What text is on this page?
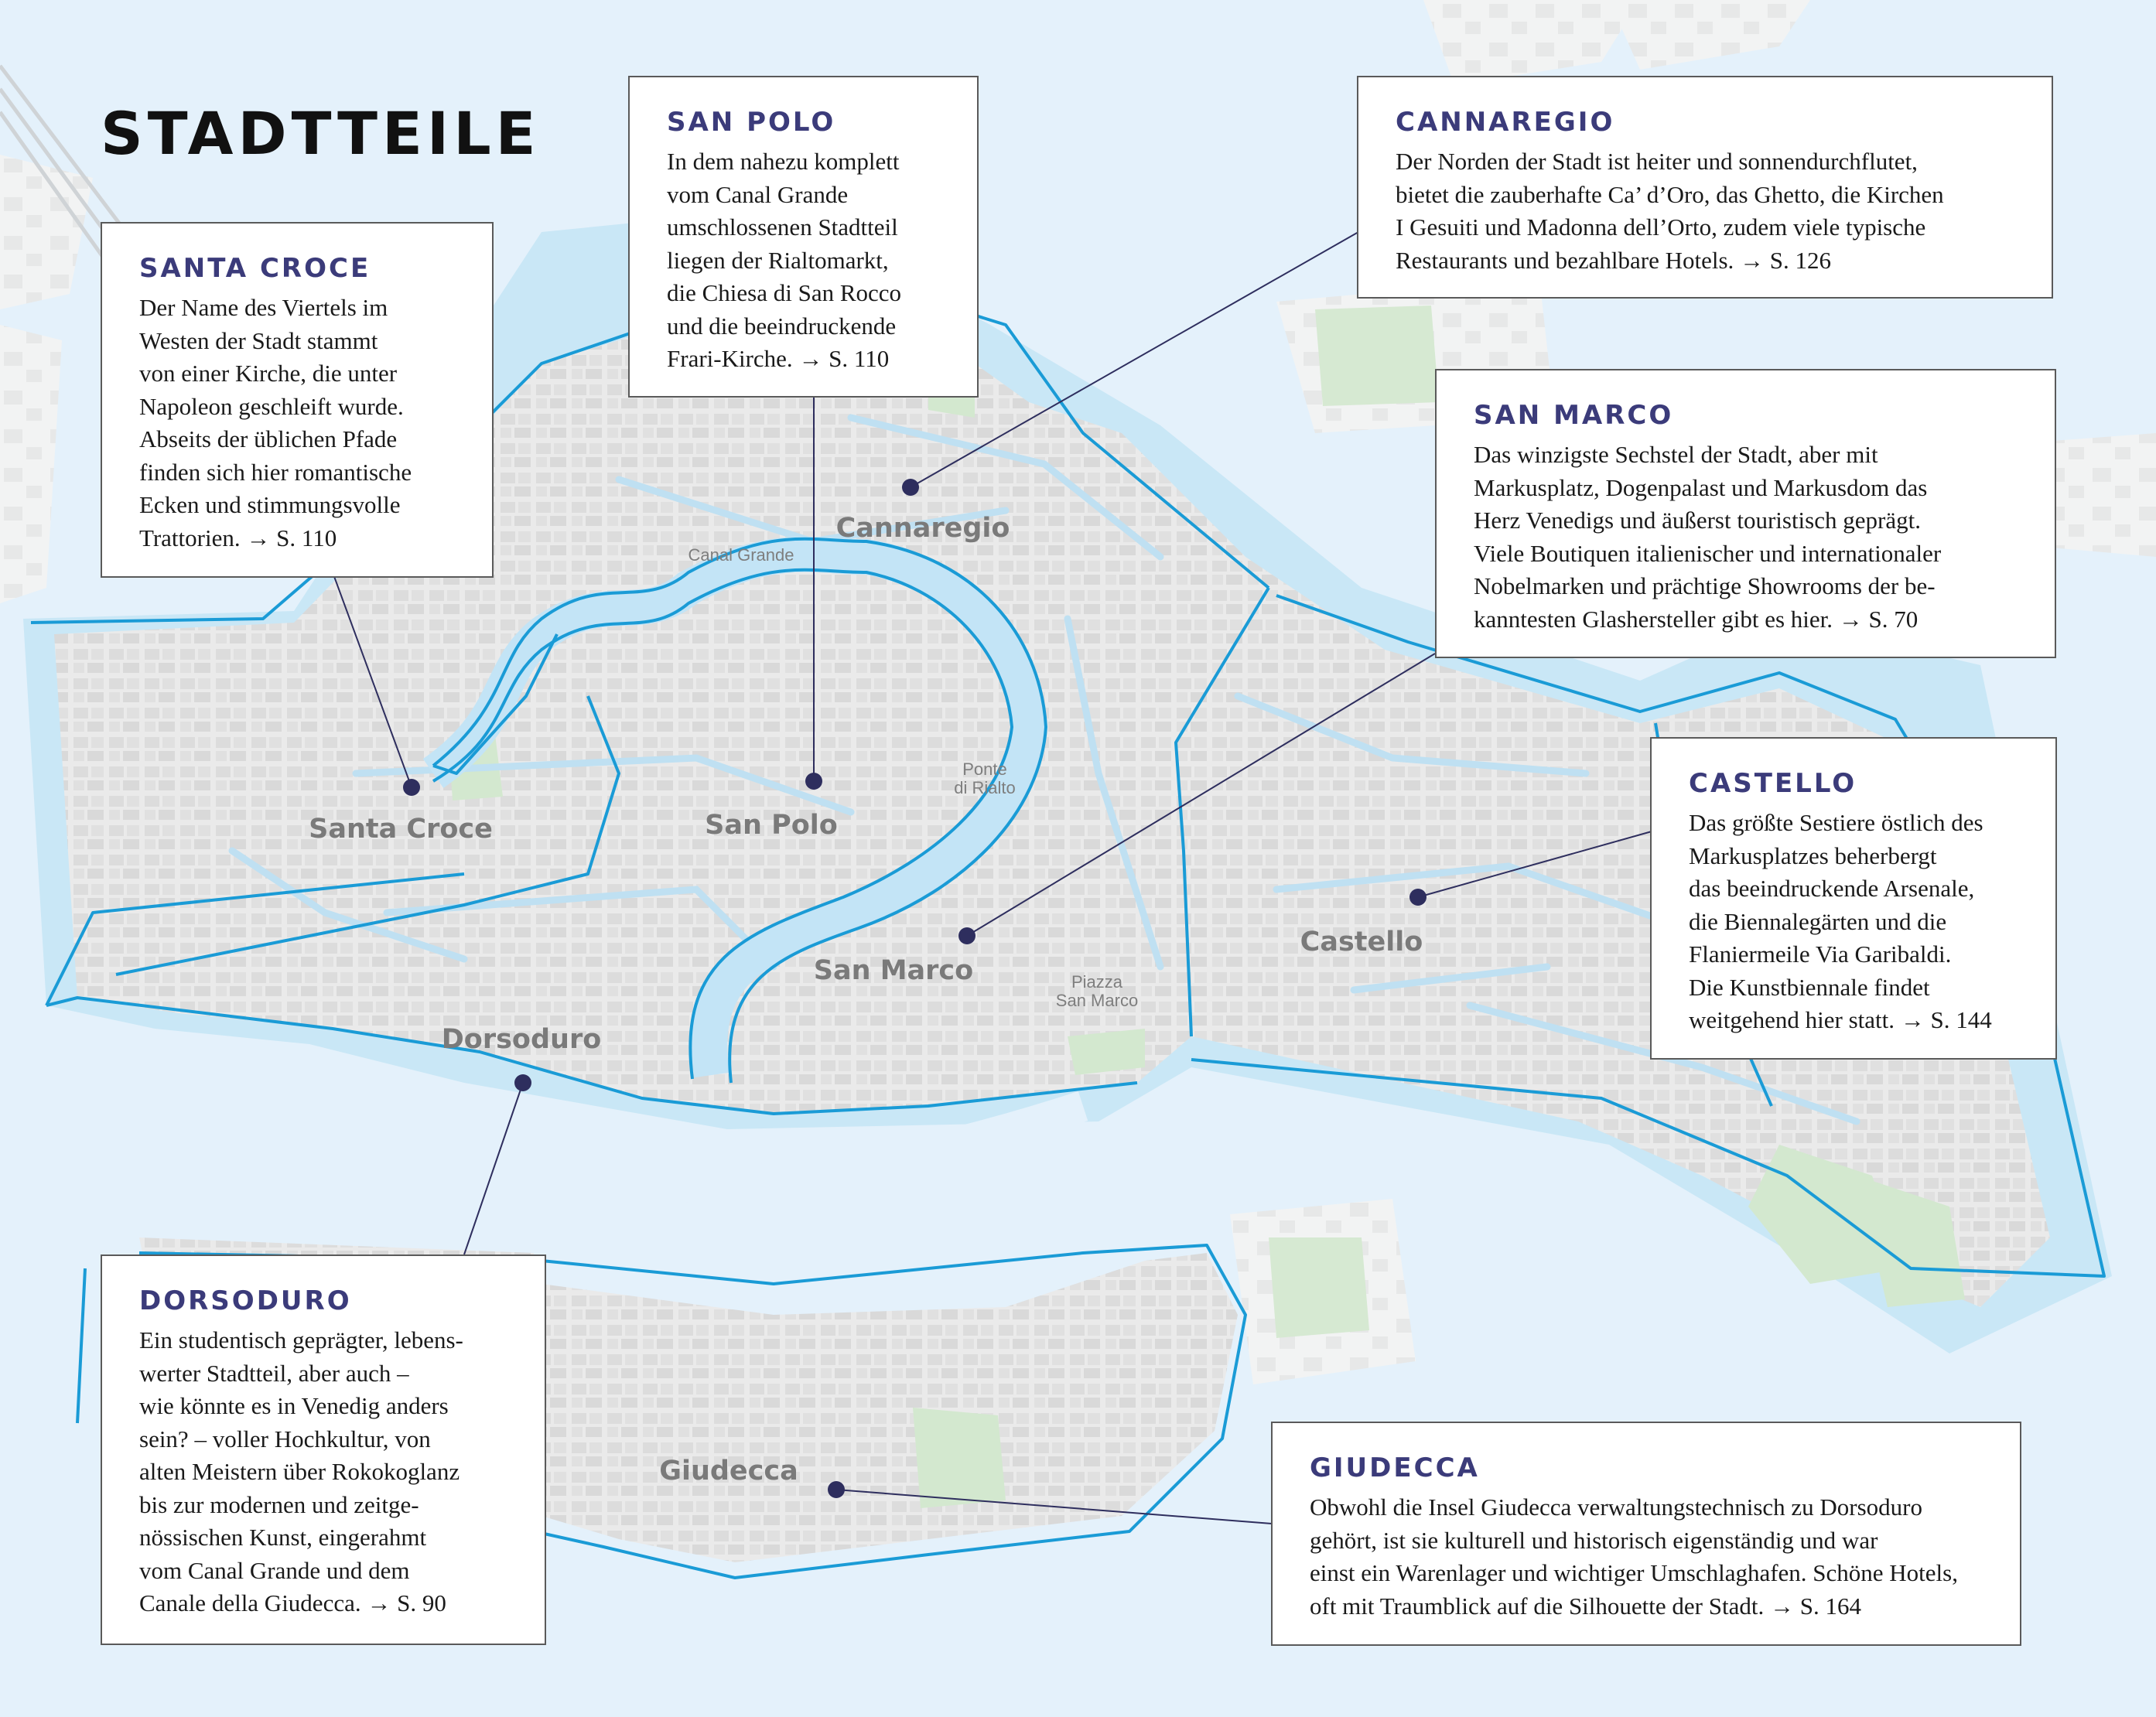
STADTTEILE
Santa Croce	San Polo
Cannaregio
San Marco
Castello
Dorsoduro
Giudecca
Canal Grande
Ponte
di Rialto
Piazza
San Marco
SANTA CROCE

Der Name des Viertels im
Westen der Stadt stammt
von einer Kirche, die unter
Napoleon geschleift wurde.
Abseits der üblichen Pfade
finden sich hier romantische
Ecken und stimmungsvolle
Trattorien. → S. 110

SAN POLO

In dem nahezu komplett
vom Canal Grande
umschlossenen Stadtteil
liegen der Rialtomarkt,
die Chiesa di San Rocco
und die beeindruckende
Frari-Kirche. → S. 110

CANNAREGIO

Der Norden der Stadt ist heiter und sonnendurchflutet,
bietet die zauberhafte Ca’ d’Oro, das Ghetto, die Kirchen
I Gesuiti und Madonna dell’Orto, zudem viele typische
Restaurants und bezahlbare Hotels. → S. 126

SAN MARCO

Das winzigste Sechstel der Stadt, aber mit
Markusplatz, Dogenpalast und Markusdom das
Herz Venedigs und äußerst touristisch geprägt.
Viele Boutiquen italienischer und internationaler
Nobelmarken und prächtige Showrooms der be-
kanntesten Glashersteller gibt es hier. → S. 70

CASTELLO

Das größte Sestiere östlich des
Markusplatzes beherbergt
das beeindruckende Arsenale,
die Biennalegärten und die
Flaniermeile Via Garibaldi.
Die Kunstbiennale findet
weitgehend hier statt. → S. 144

DORSODURO

Ein studentisch geprägter, lebens-
werter Stadtteil, aber auch –
wie könnte es in Venedig anders
sein? – voller Hochkultur, von
alten Meistern über Rokokoglanz
bis zur modernen und zeitge-
nössischen Kunst, eingerahmt
vom Canal Grande und dem
Canale della Giudecca. → S. 90

GIUDECCA

Obwohl die Insel Giudecca verwaltungstechnisch zu Dorsoduro
gehört, ist sie kulturell und historisch eigenständig und war
einst ein Warenlager und wichtiger Umschlaghafen. Schöne Hotels,
oft mit Traumblick auf die Silhouette der Stadt. → S. 164
